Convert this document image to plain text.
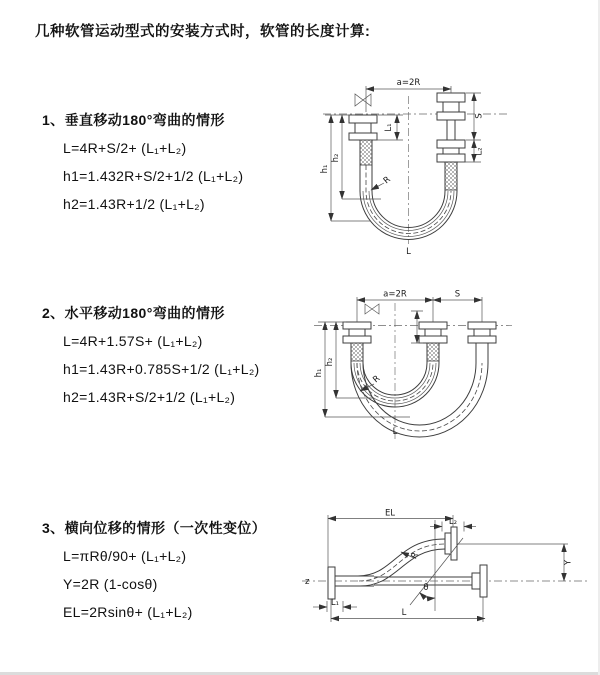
几种软管运动型式的安装方式时，软管的长度计算:
1、垂直移动180°弯曲的情形
L=4R+S/2+ (L₁+L₂)
h1=1.432R+S/2+1/2 (L₁+L₂)
h2=1.43R+1/2 (L₁+L₂)
2、水平移动180°弯曲的情形
L=4R+1.57S+ (L₁+L₂)
h1=1.43R+0.785S+1/2 (L₁+L₂)
h2=1.43R+S/2+1/2 (L₁+L₂)
3、横向位移的情形（一次性变位）
L=πRθ/90+ (L₁+L₂)
Y=2R (1-cosθ)
EL=2Rsinθ+ (L₁+L₂)
a=2R
L₁
S
L₂
h₁
h₂
R
L
a=2R	S
h₁
h₂
R
L
z
θ
EL
L₂
Y
R
L₁
L
